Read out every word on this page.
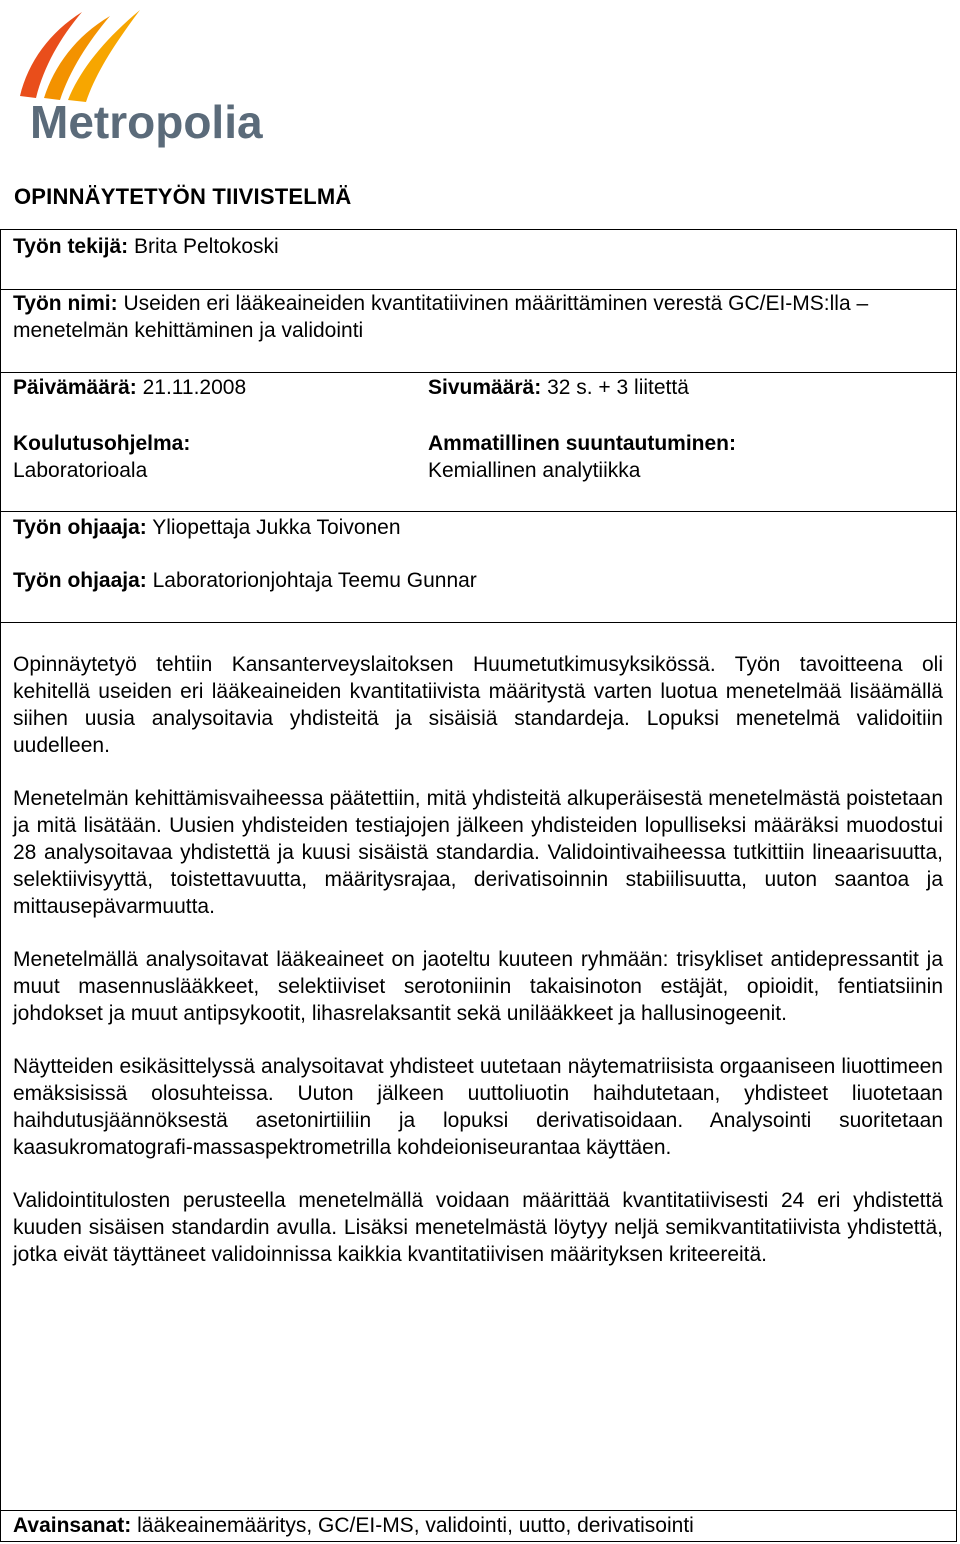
Metropolia
OPINNÄYTETYÖN TIIVISTELMÄ
Työn tekijä: Brita Peltokoski
Työn nimi: Useiden eri lääkeaineiden kvantitatiivinen määrittäminen verestä GC/EI-MS:lla – menetelmän kehittäminen ja validointi
Päivämäärä: 21.11.2008	Sivumäärä: 32 s. + 3 liitettä
Koulutusohjelma:
Laboratorioala
Ammatillinen suuntautuminen:
Kemiallinen analytiikka
Työn ohjaaja: Yliopettaja Jukka Toivonen
Työn ohjaaja: Laboratorionjohtaja Teemu Gunnar

Opinnäytetyö tehtiin Kansanterveyslaitoksen Huumetutkimusyksikössä. Työn tavoitteena oli kehitellä useiden eri lääkeaineiden kvantitatiivista määritystä varten luotua menetelmää lisäämällä siihen uusia analysoitavia yhdisteitä ja sisäisiä standardeja. Lopuksi menetelmä validoitiin uudelleen.

Menetelmän kehittämisvaiheessa päätettiin, mitä yhdisteitä alkuperäisestä menetelmästä poistetaan ja mitä lisätään. Uusien yhdisteiden testiajojen jälkeen yhdisteiden lopulliseksi määräksi muodostui 28 analysoitavaa yhdistettä ja kuusi sisäistä standardia. Validointivaiheessa tutkittiin lineaarisuutta, selektiivisyyttä, toistettavuutta, määritysrajaa, derivatisoinnin stabiilisuutta, uuton saantoa ja mittausepävarmuutta.

Menetelmällä analysoitavat lääkeaineet on jaoteltu kuuteen ryhmään: trisykliset antidepressantit ja muut masennuslääkkeet, selektiiviset serotoniinin takaisinoton estäjät, opioidit, fentiatsiinin johdokset ja muut antipsykootit, lihasrelaksantit sekä unilääkkeet ja hallusinogeenit.

Näytteiden esikäsittelyssä analysoitavat yhdisteet uutetaan näytematriisista orgaaniseen liuottimeen emäksisissä olosuhteissa. Uuton jälkeen uuttoliuotin haihdutetaan, yhdisteet liuotetaan haihdutusjäännöksestä asetonirtiiliin ja lopuksi derivatisoidaan. Analysointi suoritetaan kaasukromatografi-massaspektrometrilla kohdeioniseurantaa käyttäen.

Validointitulosten perusteella menetelmällä voidaan määrittää kvantitatiivisesti 24 eri yhdistettä kuuden sisäisen standardin avulla. Lisäksi menetelmästä löytyy neljä semikvantitatiivista yhdistettä, jotka eivät täyttäneet validoinnissa kaikkia kvantitatiivisen määrityksen kriteereitä.

Avainsanat: lääkeainemääritys, GC/EI-MS, validointi, uutto, derivatisointi
